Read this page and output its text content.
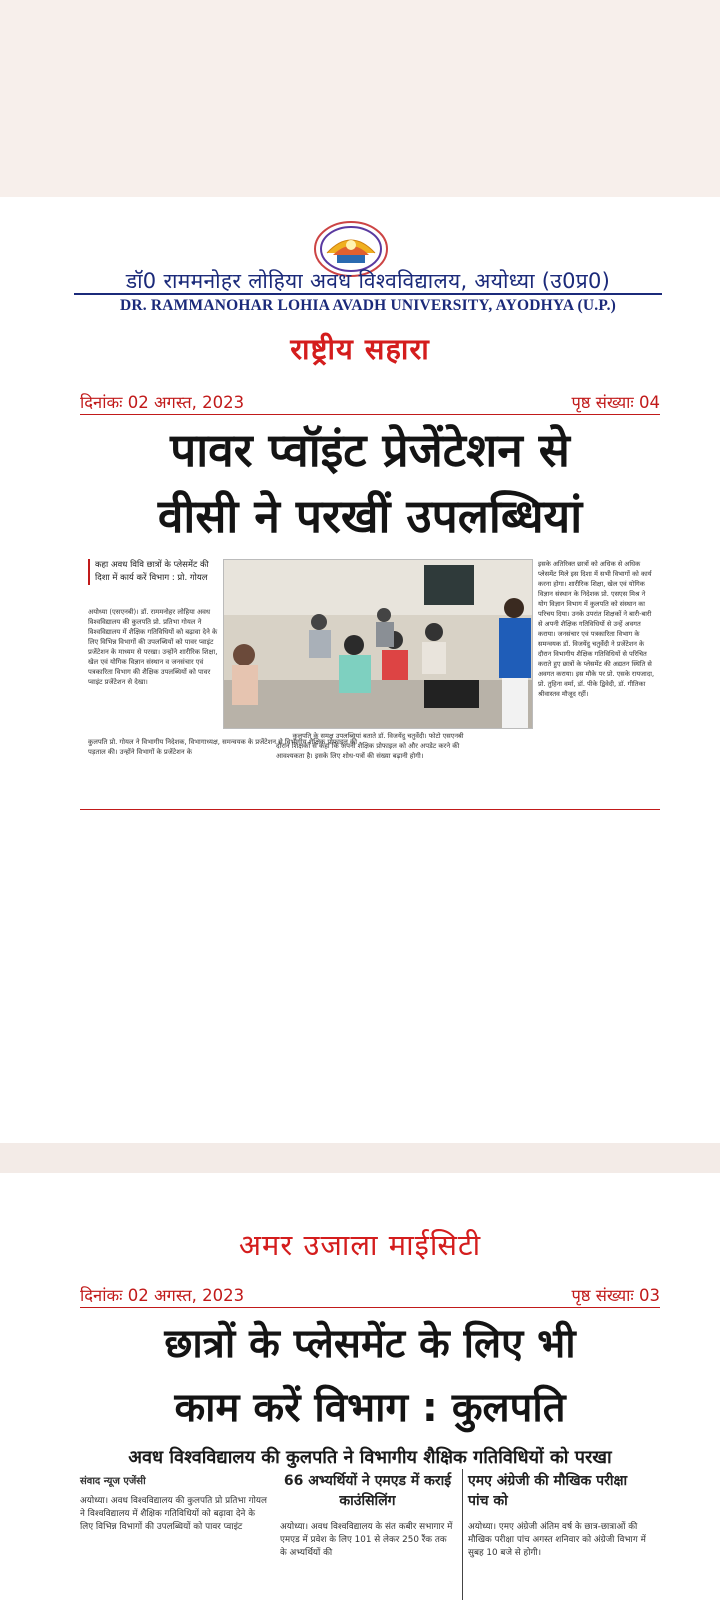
डॉ0 राममनोहर लोहिया अवध विश्वविद्यालय, अयोध्या (उ0प्र0)
DR. RAMMANOHAR LOHIA AVADH UNIVERSITY, AYODHYA (U.P.)
राष्ट्रीय सहारा
दिनांकः 02 अगस्त, 2023	पृष्ठ संख्याः 04
पावर प्वॉइंट प्रेजेंटेशन से
वीसी ने परखीं उपलब्धियां
कहा अवध विवि छात्रों के प्लेसमेंट की दिशा में कार्य करें विभाग : प्रो. गोयल
अयोध्या (एसएनबी)। डॉ. राममनोहर लोहिया अवध विश्वविद्यालय की कुलपति प्रो. प्रतिभा गोयल ने विश्वविद्यालय में शैक्षिक गतिविधियों को बढ़ावा देने के लिए विभिन्न विभागों की उपलब्धियों को पावर प्वाइंट प्रजेंटेशन के माध्यम से परखा। उन्होंने शारीरिक शिक्षा, खेल एवं योगिक विज्ञान संस्थान व जनसंचार एवं पत्रकारिता विभाग की शैक्षिक उपलब्धियों को पावर प्वाइंट प्रजेंटेशन से देखा।
कुलपति के समक्ष उपलब्धियां बताते डॉ. विजयेंदु चतुर्वेदी। फोटो एसएनबी
कुलपति प्रो. गोयल ने विभागीय निदेशक, विभागाध्यक्ष, समन्वयक के प्रजेंटेशन से विभागीय शैक्षिक प्रोफाइल की पड़ताल की। उन्होंने विभागों के प्रजेंटेशन के
दौरान शिक्षकों से कहा कि अपनी शैक्षिक प्रोफाइल को और अपडेट करने की आवश्यकता है। इसके लिए शोध-पत्रों की संख्या बढ़ानी होगी।
इसके अतिरिक्त छात्रों को अधिक से अधिक प्लेसमेंट मिले इस दिशा में सभी विभागों को कार्य करना होगा। शारीरिक शिक्षा, खेल एवं योगिक विज्ञान संस्थान के निदेशक प्रो. एसएस मिश्र ने योग विज्ञान विभाग में कुलपति को संस्थान का परिचय दिया। उनके उपरांत शिक्षकों ने बारी-बारी से अपनी शैक्षिक गतिविधियों से उन्हें अवगत कराया। जनसंचार एवं पत्रकारिता विभाग के समन्वयक डॉ. विजयेंदु चतुर्वेदी ने प्रजेंटेशन के दौरान विभागीय शैक्षिक गतिविधियों से परिचित कराते हुए छात्रों के प्लेसमेंट की अद्यतन स्थिति से अवगत कराया। इस मौके पर प्रो. एसके रायजादा, प्रो. तुहिना वर्मा, डॉ. पीके द्विवेदी, डॉ. गीतिका श्रीवास्तव मौजूद रहीं।
अमर उजाला माईसिटी
दिनांकः 02 अगस्त, 2023	पृष्ठ संख्याः 03
छात्रों के प्लेसमेंट के लिए भी
काम करें विभाग : कुलपति
अवध विश्वविद्यालय की कुलपति ने विभागीय शैक्षिक गतिविधियों को परखा
संवाद न्यूज एजेंसी
अयोध्या। अवध विश्वविद्यालय की कुलपति प्रो प्रतिभा गोयल ने विश्वविद्यालय में शैक्षिक गतिविधियों को बढ़ावा देने के लिए विभिन्न विभागों की उपलब्धियों को पावर प्वाइंट
66 अभ्यर्थियों ने एमएड में कराई काउंसिलिंग
अयोध्या। अवध विश्वविद्यालय के संत कबीर सभागार में एमएड में प्रवेश के लिए 101 से लेकर 250 रैंक तक के अभ्यर्थियों की
एमए अंग्रेजी की मौखिक परीक्षा पांच को
अयोध्या। एमए अंग्रेजी अंतिम वर्ष के छात्र-छात्राओं की मौखिक परीक्षा पांच अगस्त शनिवार को अंग्रेजी विभाग में सुबह 10 बजे से होगी।
